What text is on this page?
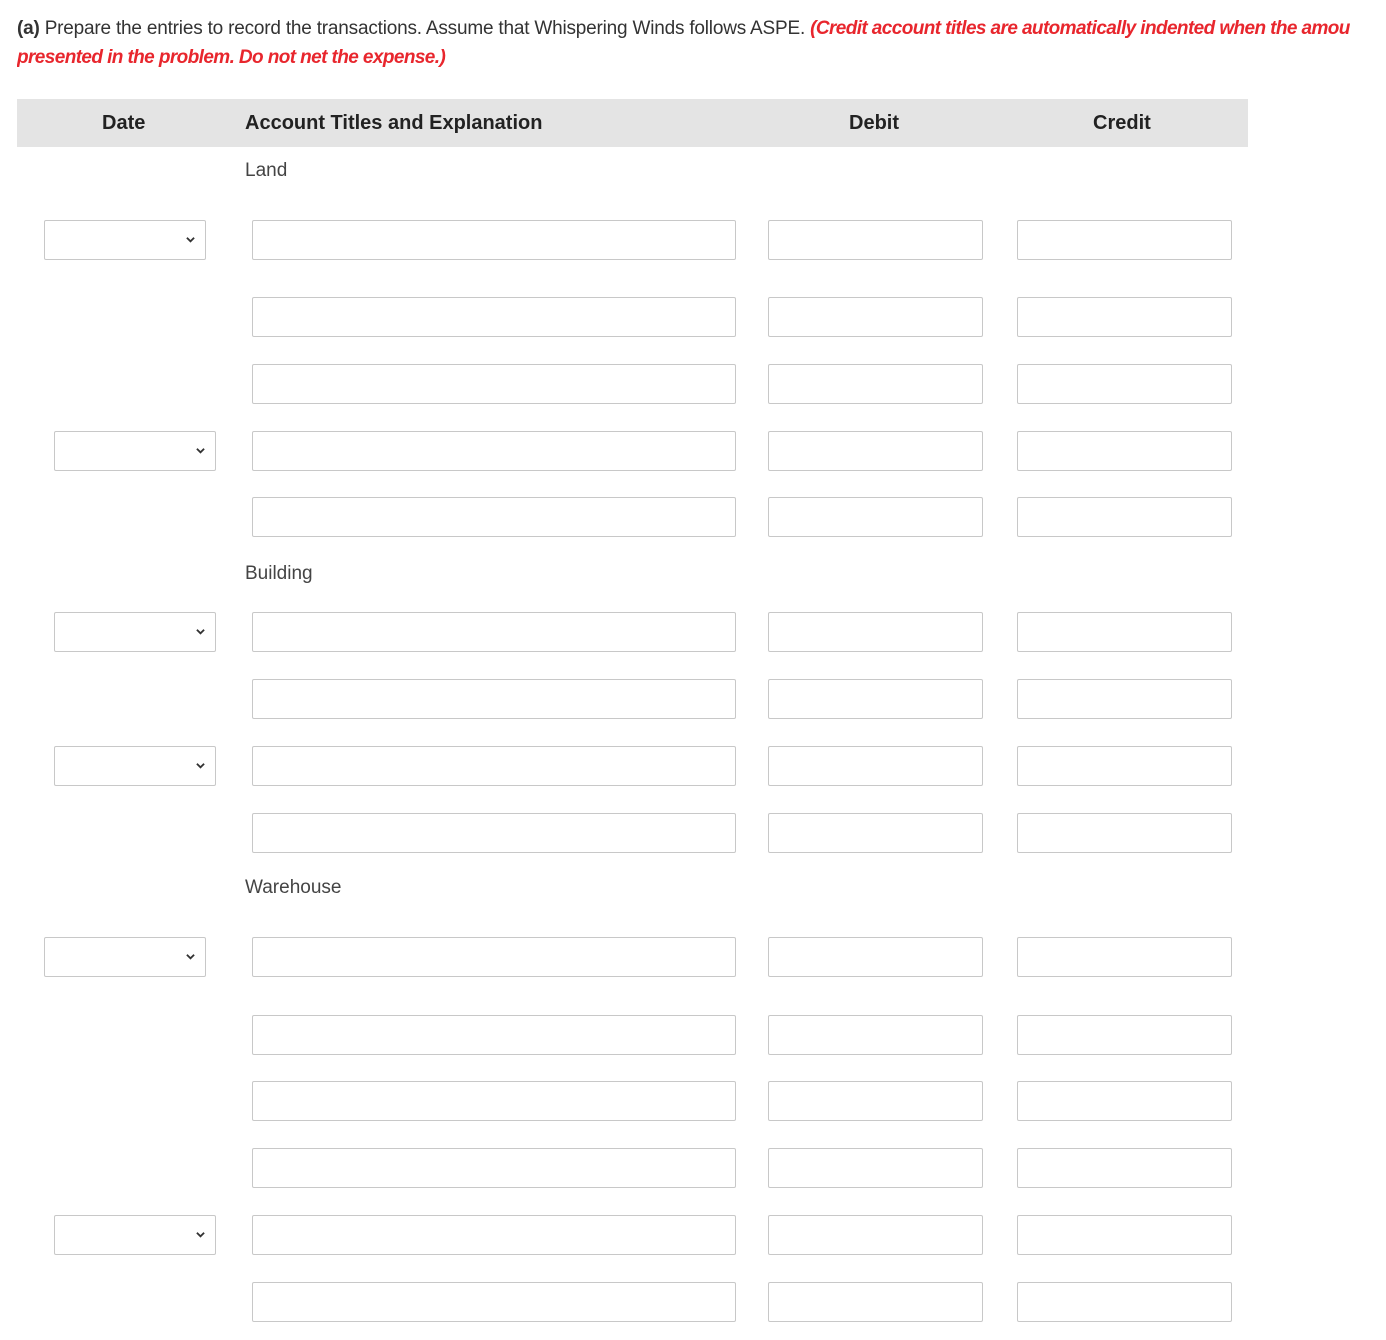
(a) Prepare the entries to record the transactions. Assume that Whispering Winds follows ASPE. (Credit account titles are automatically indented when the amou
presented in the problem. Do not net the expense.)
Date	Account Titles and Explanation	Debit	Credit
Land
Building
Warehouse
